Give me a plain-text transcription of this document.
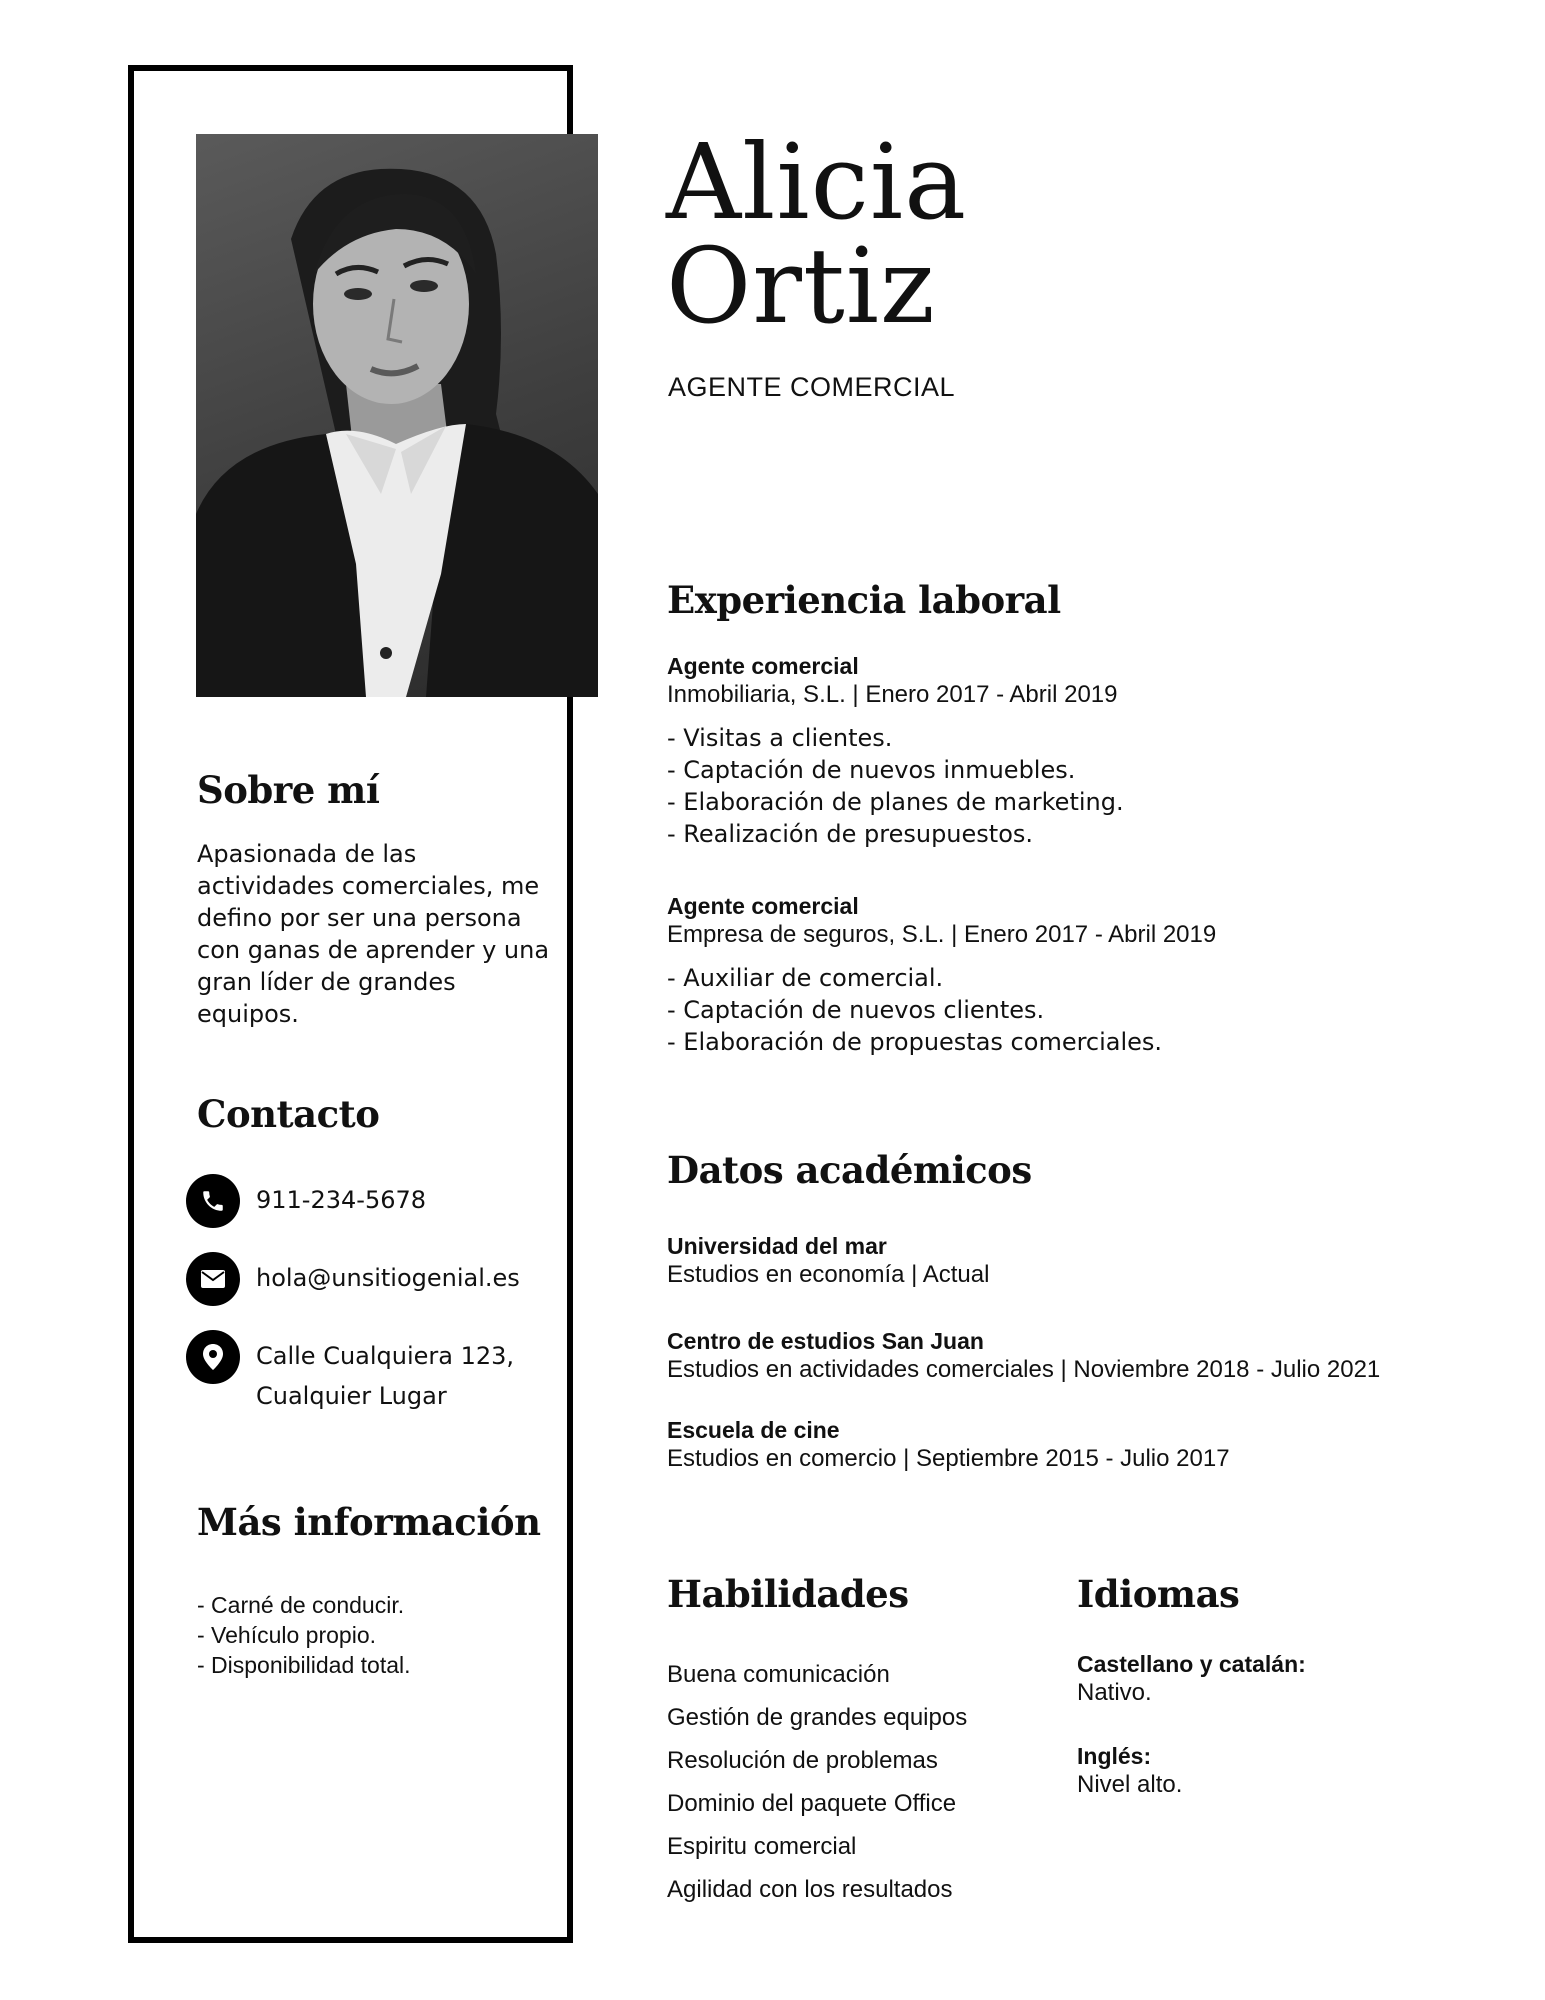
Sobre mí
Apasionada de las actividades comerciales, me defino por ser una persona con ganas de aprender y una gran líder de grandes equipos.
Contacto
911-234-5678
hola@unsitiogenial.es
Calle Cualquiera 123,
Cualquier Lugar
Más información
- Carné de conducir.
- Vehículo propio.
- Disponibilidad total.
Alicia
Ortiz
AGENTE COMERCIAL
Experiencia laboral
Agente comercial
Inmobiliaria, S.L. | Enero 2017 - Abril 2019
- Visitas a clientes.
- Captación de nuevos inmuebles.
- Elaboración de planes de marketing.
- Realización de presupuestos.
Agente comercial
Empresa de seguros, S.L. | Enero 2017 - Abril 2019
- Auxiliar de comercial.
- Captación de nuevos clientes.
- Elaboración de propuestas comerciales.
Datos académicos
Universidad del mar
Estudios en economía | Actual
Centro de estudios San Juan
Estudios en actividades comerciales | Noviembre 2018 - Julio 2021
Escuela de cine
Estudios en comercio | Septiembre 2015 - Julio 2017
Habilidades
Buena comunicación
Gestión de grandes equipos
Resolución de problemas
Dominio del paquete Office
Espiritu comercial
Agilidad con los resultados
Idiomas
Castellano y catalán:
Nativo.
Inglés:
Nivel alto.
